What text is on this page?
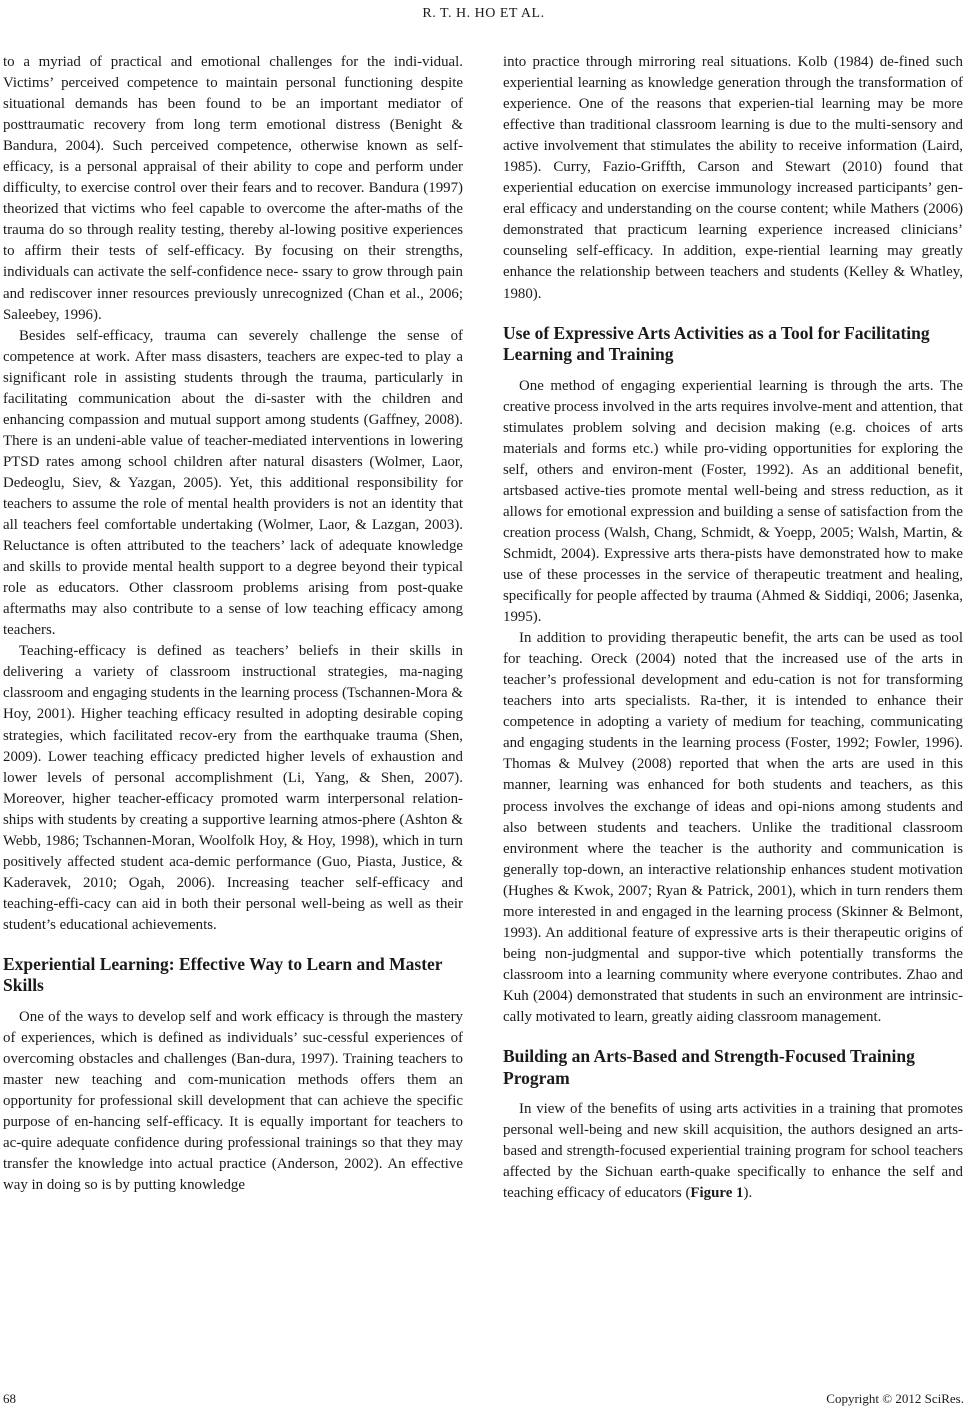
R. T. H. HO ET AL.

to a myriad of practical and emotional challenges for the indi-vidual. Victims’ perceived competence to maintain personal functioning despite situational demands has been found to be an important mediator of posttraumatic recovery from long term emotional distress (Benight & Bandura, 2004). Such perceived competence, otherwise known as self-efficacy, is a personal appraisal of their ability to cope and perform under difficulty, to exercise control over their fears and to recover. Bandura (1997) theorized that victims who feel capable to overcome the after-maths of the trauma do so through reality testing, thereby al-lowing positive experiences to affirm their tests of self-efficacy. By focusing on their strengths, individuals can activate the self-confidence nece- ssary to grow through pain and rediscover inner resources previously unrecognized (Chan et al., 2006; Saleebey, 1996).

Besides self-efficacy, trauma can severely challenge the sense of competence at work. After mass disasters, teachers are expec-ted to play a significant role in assisting students through the trauma, particularly in facilitating communication about the di-saster with the children and enhancing compassion and mutual support among students (Gaffney, 2008). There is an undeni-able value of teacher-mediated interventions in lowering PTSD rates among school children after natural disasters (Wolmer, Laor, Dedeoglu, Siev, & Yazgan, 2005). Yet, this additional responsibility for teachers to assume the role of mental health providers is not an identity that all teachers feel comfortable undertaking (Wolmer, Laor, & Lazgan, 2003). Reluctance is often attributed to the teachers’ lack of adequate knowledge and skills to provide mental health support to a degree beyond their typical role as educators. Other classroom problems arising from post-quake aftermaths may also contribute to a sense of low teaching efficacy among teachers.

Teaching-efficacy is defined as teachers’ beliefs in their skills in delivering a variety of classroom instructional strategies, ma-naging classroom and engaging students in the learning process (Tschannen-Mora & Hoy, 2001). Higher teaching efficacy resulted in adopting desirable coping strategies, which facilitated recov-ery from the earthquake trauma (Shen, 2009). Lower teaching efficacy predicted higher levels of exhaustion and lower levels of personal accomplishment (Li, Yang, & Shen, 2007). Moreover, higher teacher-efficacy promoted warm interpersonal relation-ships with students by creating a supportive learning atmos-phere (Ashton & Webb, 1986; Tschannen-Moran, Woolfolk Hoy, & Hoy, 1998), which in turn positively affected student aca-demic performance (Guo, Piasta, Justice, & Kaderavek, 2010; Ogah, 2006). Increasing teacher self-efficacy and teaching-effi-cacy can aid in both their personal well-being as well as their student’s educational achievements.

Experiential Learning: Effective Way to Learn and Master Skills

One of the ways to develop self and work efficacy is through the mastery of experiences, which is defined as individuals’ suc-cessful experiences of overcoming obstacles and challenges (Ban-dura, 1997). Training teachers to master new teaching and com-munication methods offers them an opportunity for professional skill development that can achieve the specific purpose of en-hancing self-efficacy. It is equally important for teachers to ac-quire adequate confidence during professional trainings so that they may transfer the knowledge into actual practice (Anderson, 2002). An effective way in doing so is by putting knowledge

into practice through mirroring real situations. Kolb (1984) de-fined such experiential learning as knowledge generation through the transformation of experience. One of the reasons that experien-tial learning may be more effective than traditional classroom learning is due to the multi-sensory and active involvement that stimulates the ability to receive information (Laird, 1985). Curry, Fazio-Griffth, Carson and Stewart (2010) found that experiential education on exercise immunology increased participants’ gen-eral efficacy and understanding on the course content; while Mathers (2006) demonstrated that practicum learning experience increased clinicians’ counseling self-efficacy. In addition, expe-riential learning may greatly enhance the relationship between teachers and students (Kelley & Whatley, 1980).

Use of Expressive Arts Activities as a Tool for Facilitating Learning and Training

One method of engaging experiential learning is through the arts. The creative process involved in the arts requires involve-ment and attention, that stimulates problem solving and decision making (e.g. choices of arts materials and forms etc.) while pro-viding opportunities for exploring the self, others and environ-ment (Foster, 1992). As an additional benefit, artsbased active-ties promote mental well-being and stress reduction, as it allows for emotional expression and building a sense of satisfaction from the creation process (Walsh, Chang, Schmidt, & Yoepp, 2005; Walsh, Martin, & Schmidt, 2004). Expressive arts thera-pists have demonstrated how to make use of these processes in the service of therapeutic treatment and healing, specifically for people affected by trauma (Ahmed & Siddiqi, 2006; Jasenka, 1995).

In addition to providing therapeutic benefit, the arts can be used as tool for teaching. Oreck (2004) noted that the increased use of the arts in teacher’s professional development and edu-cation is not for transforming teachers into arts specialists. Ra-ther, it is intended to enhance their competence in adopting a variety of medium for teaching, communicating and engaging students in the learning process (Foster, 1992; Fowler, 1996). Thomas & Mulvey (2008) reported that when the arts are used in this manner, learning was enhanced for both students and teachers, as this process involves the exchange of ideas and opi-nions among students and also between students and teachers. Unlike the traditional classroom environment where the teacher is the authority and communication is generally top-down, an interactive relationship enhances student motivation (Hughes & Kwok, 2007; Ryan & Patrick, 2001), which in turn renders them more interested in and engaged in the learning process (Skinner & Belmont, 1993). An additional feature of expressive arts is their therapeutic origins of being non-judgmental and suppor-tive which potentially transforms the classroom into a learning community where everyone contributes. Zhao and Kuh (2004) demonstrated that students in such an environment are intrinsic-cally motivated to learn, greatly aiding classroom management.

Building an Arts-Based and Strength-Focused Training Program

In view of the benefits of using arts activities in a training that promotes personal well-being and new skill acquisition, the authors designed an arts-based and strength-focused experiential training program for school teachers affected by the Sichuan earth-quake specifically to enhance the self and teaching efficacy of educators (Figure 1).

68	Copyright © 2012 SciRes.
